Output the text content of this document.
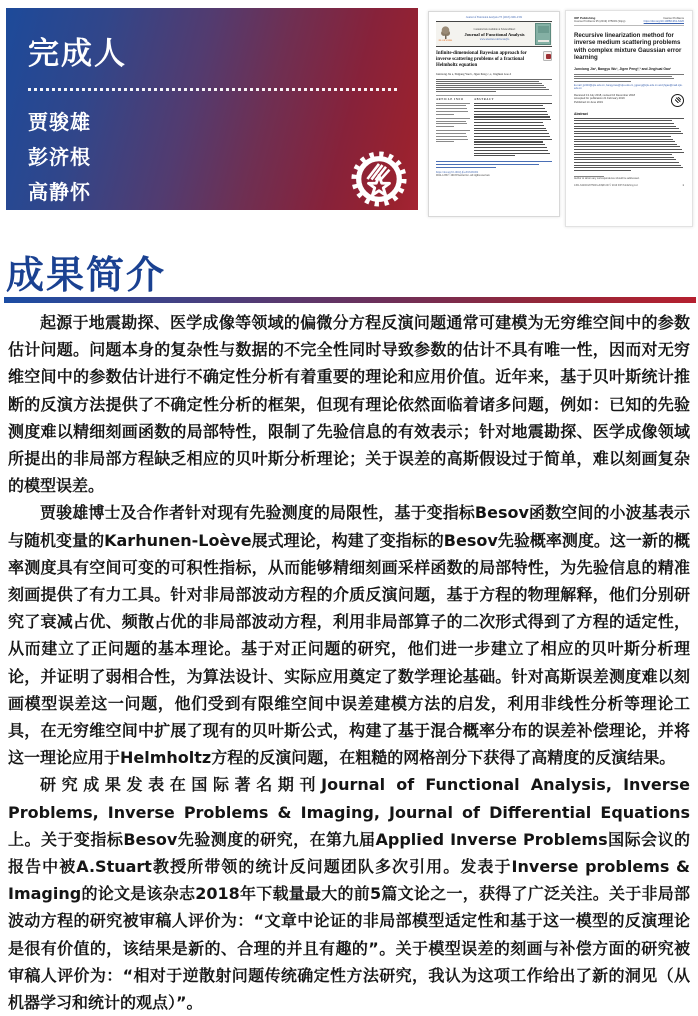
完成人
贾骏雄
彭济根
高静怀
Journal of Functional Analysis 275 (2018) 2299–2332
ELSEVIER
Contents lists available at ScienceDirect
Journal of Functional Analysis
www.elsevier.com/locate/jfa
Infinite-dimensional Bayesian approach for inverse scattering problems of a fractional Helmholtz equation
Junxiong Jia a, Shigang Yue b, Jigen Peng c,∗, Jinghuai Gao d
ARTICLE INFO	ABSTRACT
https://doi.org/10.1016/j.jfa.2018.08.002
0022-1236/© 2018 Elsevier Inc. All rights reserved.
IOP Publishing	Inverse Problems
Inverse Problems 35 (2019) 075003 (34pp)	https://doi.org/10.1088/1361-6420
Recursive linearization method for inverse medium scattering problems with complex mixture Gaussian error learning
Junxiong Jia¹, Bangyu Wu¹, Jigen Peng²,³ and Jinghuai Gao¹
E-mail: jjx323@xjtu.edu.cn, bangyuwu@xjtu.edu.cn, jgpeng@xjtu.edu.cn and jhgao@mail.xjtu.edu.cn
Received 13 July 2018, revised 16 December 2018
Accepted for publication 21 February 2019
Published 14 June 2019
Abstract
Author to whom any correspondence should be addressed.
1361-6420/19/075003+34$33.00 © 2019 IOP Publishing Ltd	1
成果简介

起源于地震勘探、医学成像等领域的偏微分方程反演问题通常可建模为无穷维空间中的参数估计问题。问题本身的复杂性与数据的不完全性同时导致参数的估计不具有唯一性，因而对无穷维空间中的参数估计进行不确定性分析有着重要的理论和应用价值。近年来，基于贝叶斯统计推断的反演方法提供了不确定性分析的框架，但现有理论依然面临着诸多问题，例如：已知的先验测度难以精细刻画函数的局部特性，限制了先验信息的有效表示；针对地震勘探、医学成像领域所提出的非局部方程缺乏相应的贝叶斯分析理论；关于误差的高斯假设过于简单，难以刻画复杂的模型误差。

贾骏雄博士及合作者针对现有先验测度的局限性，基于变指标Besov函数空间的小波基表示与随机变量的Karhunen-Loève展式理论，构建了变指标的Besov先验概率测度。这一新的概率测度具有空间可变的可积性指标，从而能够精细刻画采样函数的局部特性，为先验信息的精准刻画提供了有力工具。针对非局部波动方程的介质反演问题，基于方程的物理解释，他们分别研究了衰减占优、频散占优的非局部波动方程，利用非局部算子的二次形式得到了方程的适定性，从而建立了正问题的基本理论。基于对正问题的研究，他们进一步建立了相应的贝叶斯分析理论，并证明了弱相合性，为算法设计、实际应用奠定了数学理论基础。针对高斯误差测度难以刻画模型误差这一问题，他们受到有限维空间中误差建模方法的启发，利用非线性分析等理论工具，在无穷维空间中扩展了现有的贝叶斯公式，构建了基于混合概率分布的误差补偿理论，并将这一理论应用于Helmholtz方程的反演问题，在粗糙的网格剖分下获得了高精度的反演结果。

研究成果发表在国际著名期刊Journal of Functional Analysis, Inverse Problems, Inverse Problems & Imaging, Journal of Differential Equations上。关于变指标Besov先验测度的研究，在第九届Applied Inverse Problems国际会议的报告中被A.Stuart教授所带领的统计反问题团队多次引用。发表于Inverse problems & Imaging的论文是该杂志2018年下载量最大的前5篇文论之一，获得了广泛关注。关于非局部波动方程的研究被审稿人评价为：“文章中论证的非局部模型适定性和基于这一模型的反演理论是很有价值的，该结果是新的、合理的并且有趣的”。关于模型误差的刻画与补偿方面的研究被审稿人评价为：“相对于逆散射问题传统确定性方法研究，我认为这项工作给出了新的洞见（从机器学习和统计的观点）”。
